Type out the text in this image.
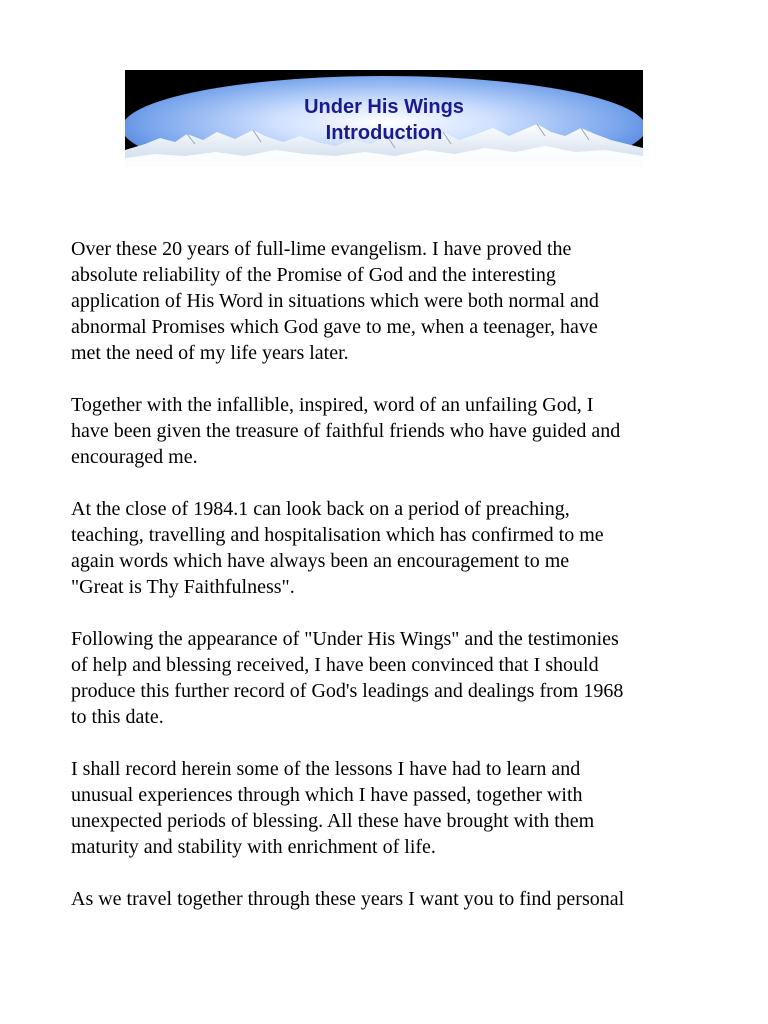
Under His Wings
Introduction

Over these 20 years of full-lime evangelism. I have proved the
absolute reliability of the Promise of God and the interesting
application of His Word in situations which were both normal and
abnormal Promises which God gave to me, when a teenager, have
met the need of my life years later.

Together with the infallible, inspired, word of an unfailing God, I
have been given the treasure of faithful friends who have guided and
encouraged me.

At the close of 1984.1 can look back on a period of preaching,
teaching, travelling and hospitalisation which has confirmed to me
again words which have always been an encouragement to me
"Great is Thy Faithfulness".

Following the appearance of "Under His Wings" and the testimonies
of help and blessing received, I have been convinced that I should
produce this further record of God's leadings and dealings from 1968
to this date.

I shall record herein some of the lessons I have had to learn and
unusual experiences through which I have passed, together with
unexpected periods of blessing. All these have brought with them
maturity and stability with enrichment of life.

As we travel together through these years I want you to find personal
